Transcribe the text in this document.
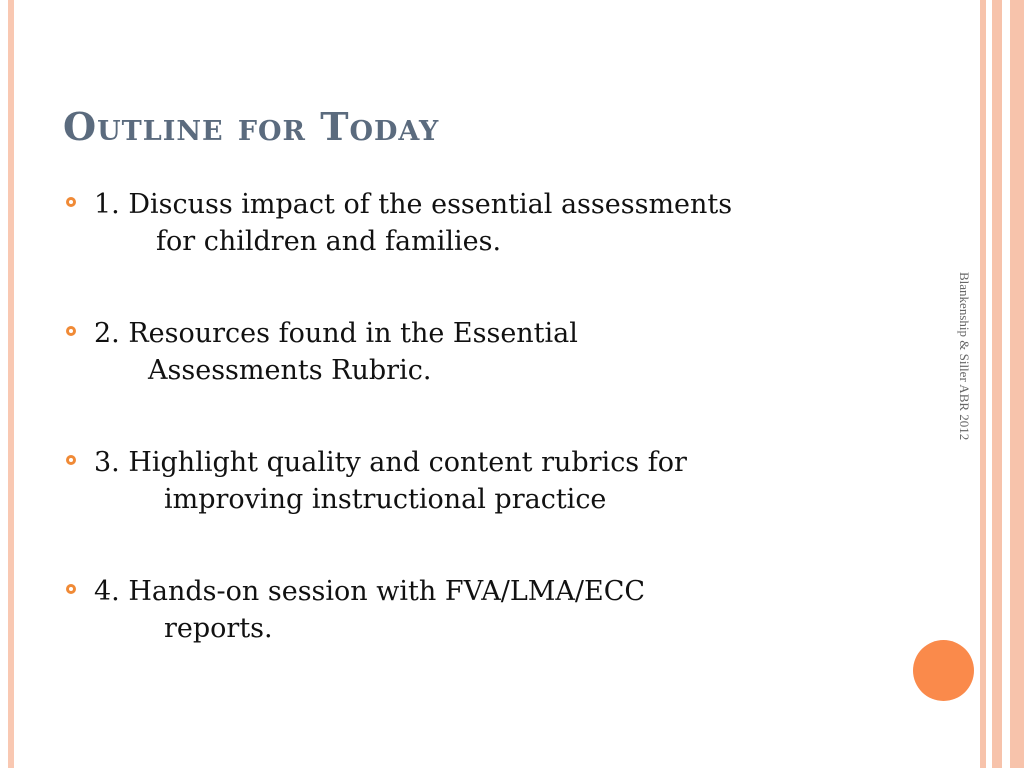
Outline for Today
1. Discuss impact of the essential assessments
for children and families.
2. Resources found in the Essential
Assessments Rubric.
3. Highlight quality and content rubrics for
improving instructional practice
4. Hands-on session with FVA/LMA/ECC
reports.
Blankenship & Siller ABR 2012
